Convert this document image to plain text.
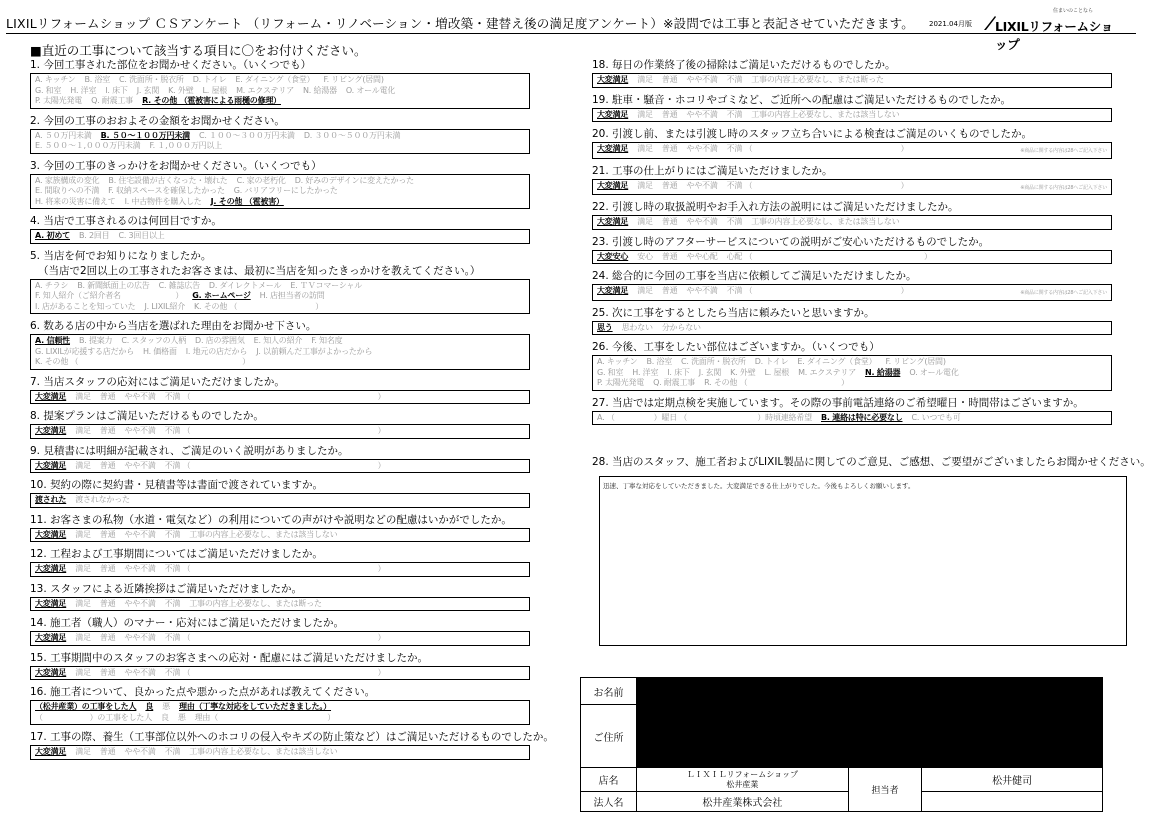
LIXILリフォームショップ ＣＳアンケート （リフォーム・リノベーション・増改築・建替え後の満足度アンケート）※設問では工事と表記させていただきます。	2021.04月版
住まいのことなら
LIXILリフォームショップ
■直近の工事について該当する項目に〇をお付けください。
1. 今回工事された部位をお聞かせください。（いくつでも）
A. キッチン B. 浴室 C. 洗面所・脱衣所 D. トイレ E. ダイニング（食堂） F. リビング(居間)
G. 和室 H. 洋室 I. 床下 J. 玄関 K. 外壁 L. 屋根 M. エクステリア N. 給湯器 O. オール電化
P. 太陽光発電 Q. 耐震工事 R. その他 （雹被害による雨樋の修理）
2. 今回の工事のおおよその金額をお聞かせください。
A. ５０万円未満 B. ５０～１００万円未満 C. １００～３００万円未満 D. ３００～５００万円未満
E. ５００～１,０００万円未満 F. １,０００万円以上
3. 今回の工事のきっかけをお聞かせください。（いくつでも）
A. 家族構成の変化 B. 住宅設備が古くなった・壊れた C. 家の老朽化 D. 好みのデザインに変えたかった
E. 間取りへの不満 F. 収納スペースを確保したかった G. バリアフリーにしたかった
H. 将来の災害に備えて I. 中古物件を購入した J. その他 （雹被害）
4. 当店で工事されるのは何回目ですか。
A. 初めて B. 2回目 C. 3回目以上
5. 当店を何でお知りになりましたか。
（当店で2回以上の工事されたお客さまは、最初に当店を知ったきっかけを教えてください。）
A. チラシ B. 新聞紙面上の広告 C. 雑誌広告 D. ダイレクトメール E. ＴＶコマーシャル
F. 知人紹介（ご紹介者名　　　　　　　） G. ホームページ H. 店担当者の訪問
I. 店があることを知っていた J. LIXIL紹介 K. その他 （　　　　　　　　　　）
6. 数ある店の中から当店を選ばれた理由をお聞かせ下さい。
A. 信頼性 B. 提案力 C. スタッフの人柄 D. 店の雰囲気 E. 知人の紹介 F. 知名度
G. LIXILが応援する店だから H. 価格面 I. 地元の店だから J. 以前頼んだ工事がよかったから
K. その他 （　　　　　　　　　　　　　　　　　　　　　）
7. 当店スタッフの応対にはご満足いただけましたか。
大変満足 満足 普通 やや不満 不満 （　　　　　　　　　　　　　　　　　　　　　　　　）
8. 提案プランはご満足いただけるものでしたか。
大変満足 満足 普通 やや不満 不満 （　　　　　　　　　　　　　　　　　　　　　　　　）
9. 見積書には明細が記載され、ご満足のいく説明がありましたか。
大変満足 満足 普通 やや不満 不満 （　　　　　　　　　　　　　　　　　　　　　　　　）
10. 契約の際に契約書・見積書等は書面で渡されていますか。
渡された 渡されなかった
11. お客さまの私物（水道・電気など）の利用についての声がけや説明などの配慮はいかがでしたか。
大変満足 満足 普通 やや不満 不満 工事の内容上必要なし、または該当しない
12. 工程および工事期間についてはご満足いただけましたか。
大変満足 満足 普通 やや不満 不満 （　　　　　　　　　　　　　　　　　　　　　　　　）
13. スタッフによる近隣挨拶はご満足いただけましたか。
大変満足 満足 普通 やや不満 不満 工事の内容上必要なし、または断った
14. 施工者（職人）のマナー・応対にはご満足いただけましたか。
大変満足 満足 普通 やや不満 不満 （　　　　　　　　　　　　　　　　　　　　　　　　）
15. 工事期間中のスタッフのお客さまへの応対・配慮にはご満足いただけましたか。
大変満足 満足 普通 やや不満 不満 （　　　　　　　　　　　　　　　　　　　　　　　　）
16. 施工者について、良かった点や悪かった点があれば教えてください。
（松井産業）の工事をした人 良 悪 理由（丁寧な対応をしていただきました。）
（　　　　　　）の工事をした人 良 悪 理由（　　　　　　　　　　　　　　）
17. 工事の際、養生（工事部位以外へのホコリの侵入やキズの防止策など）はご満足いただけるものでしたか。
大変満足 満足 普通 やや不満 不満 工事の内容上必要なし、または該当しない
18. 毎日の作業終了後の掃除はご満足いただけるものでしたか。
大変満足 満足 普通 やや不満 不満 工事の内容上必要なし、または断った
19. 駐車・騒音・ホコリやゴミなど、ご近所への配慮はご満足いただけるものでしたか。
大変満足 満足 普通 やや不満 不満 工事の内容上必要なし、または該当しない
20. 引渡し前、または引渡し時のスタッフ立ち合いによる検査はご満足のいくものでしたか。
※商品に関する内容は28へご記入下さい
大変満足 満足 普通 やや不満 不満 （　　　　　　　　　　　　　　　　　　　）
21. 工事の仕上がりにはご満足いただけましたか。
※商品に関する内容は28へご記入下さい
大変満足 満足 普通 やや不満 不満 （　　　　　　　　　　　　　　　　　　　）
22. 引渡し時の取扱説明やお手入れ方法の説明にはご満足いただけましたか。
大変満足 満足 普通 やや不満 不満 工事の内容上必要なし、または該当しない
23. 引渡し時のアフターサービスについての説明がご安心いただけるものでしたか。
大変安心 安心 普通 やや心配 心配 （　　　　　　　　　　　　　　　　　　　　　　）
24. 総合的に今回の工事を当店に依頼してご満足いただけましたか。
※商品に関する内容は28へご記入下さい
大変満足 満足 普通 やや不満 不満 （　　　　　　　　　　　　　　　　　　　）
25. 次に工事をするとしたら当店に頼みたいと思いますか。
思う 思わない 分からない
26. 今後、工事をしたい部位はございますか。（いくつでも）
A. キッチン B. 浴室 C. 洗面所・脱衣所 D. トイレ E. ダイニング（食堂） F. リビング(居間)
G. 和室 H. 洋室 I. 床下 J. 玄関 K. 外壁 L. 屋根 M. エクステリア N. 給湯器 O. オール電化
P. 太陽光発電 Q. 耐震工事 R. その他 （　　　　　　　　　　　　）
27. 当店では定期点検を実施しています。その際の事前電話連絡のご希望曜日・時間帯はございますか。
A. （　　　　　）曜日 （　　　　　　　　　）時頃連絡希望 B. 連絡は特に必要なし C. いつでも可
28. 当店のスタッフ、施工者およびLIXIL製品に関してのご意見、ご感想、ご要望がございましたらお聞かせください。
迅速、丁寧な対応をしていただきました。大変満足できる仕上がりでした。今後もよろしくお願いします。
お名前			
ご住所			
店名	ＬＩＸＩＬリフォームショップ
松井産業	担当者	松井健司
法人名	松井産業株式会社		
